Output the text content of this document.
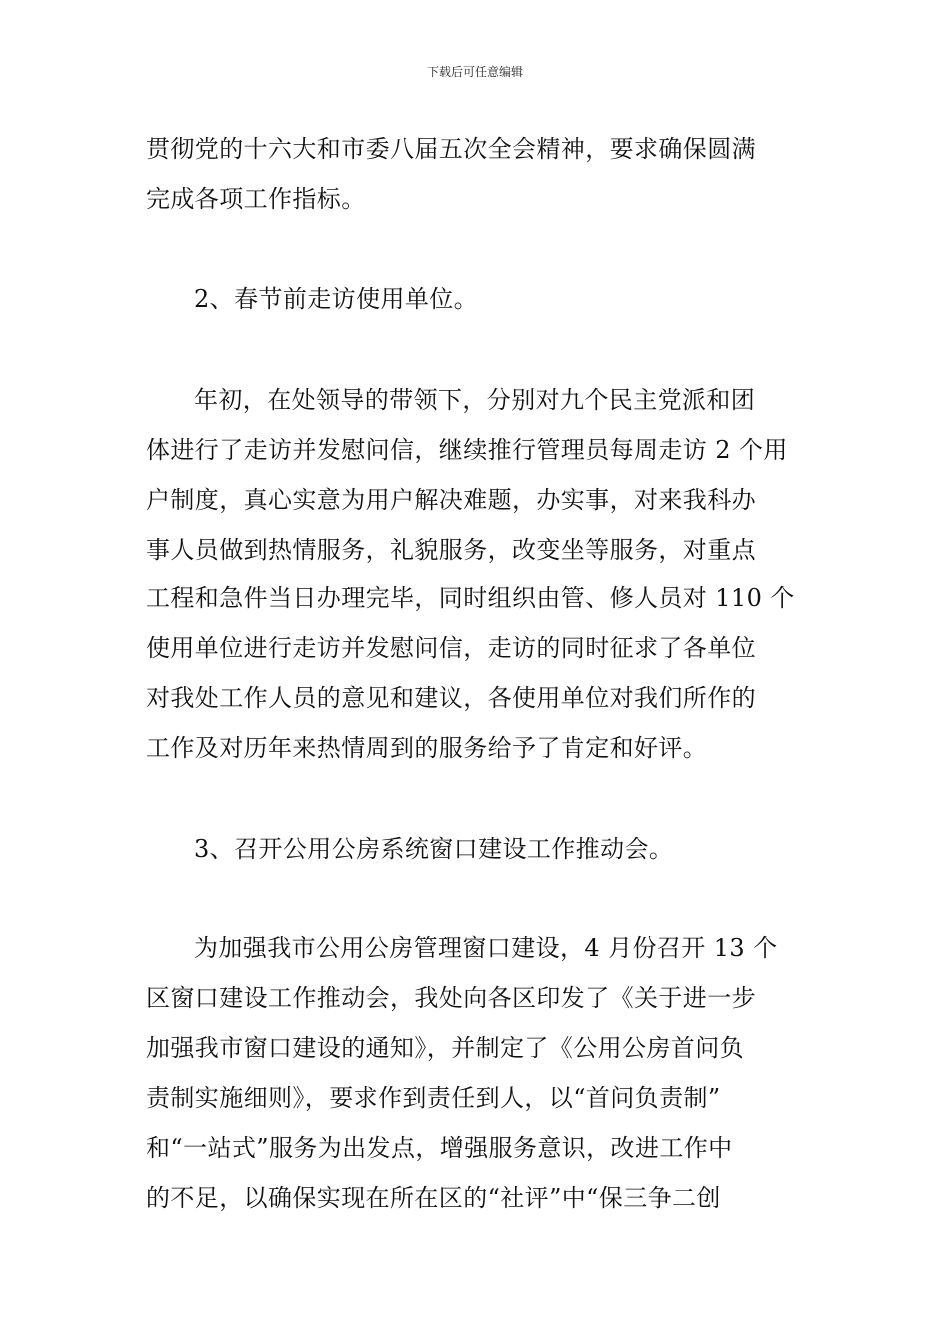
下载后可任意编辑
贯彻党的十六大和市委八届五次全会精神，要求确保圆满
完成各项工作指标。
2、春节前走访使用单位。
年初，在处领导的带领下，分别对九个民主党派和团
体进行了走访并发慰问信，继续推行管理员每周走访 2 个用
户制度，真心实意为用户解决难题，办实事，对来我科办
事人员做到热情服务，礼貌服务，改变坐等服务，对重点
工程和急件当日办理完毕，同时组织由管、修人员对 110 个
使用单位进行走访并发慰问信，走访的同时征求了各单位
对我处工作人员的意见和建议，各使用单位对我们所作的
工作及对历年来热情周到的服务给予了肯定和好评。
3、召开公用公房系统窗口建设工作推动会。
为加强我市公用公房管理窗口建设，4 月份召开 13 个
区窗口建设工作推动会，我处向各区印发了《关于进一步
加强我市窗口建设的通知》，并制定了《公用公房首问负
责制实施细则》，要求作到责任到人，以“首问负责制”
和“一站式”服务为出发点，增强服务意识，改进工作中
的不足，以确保实现在所在区的“社评”中“保三争二创
